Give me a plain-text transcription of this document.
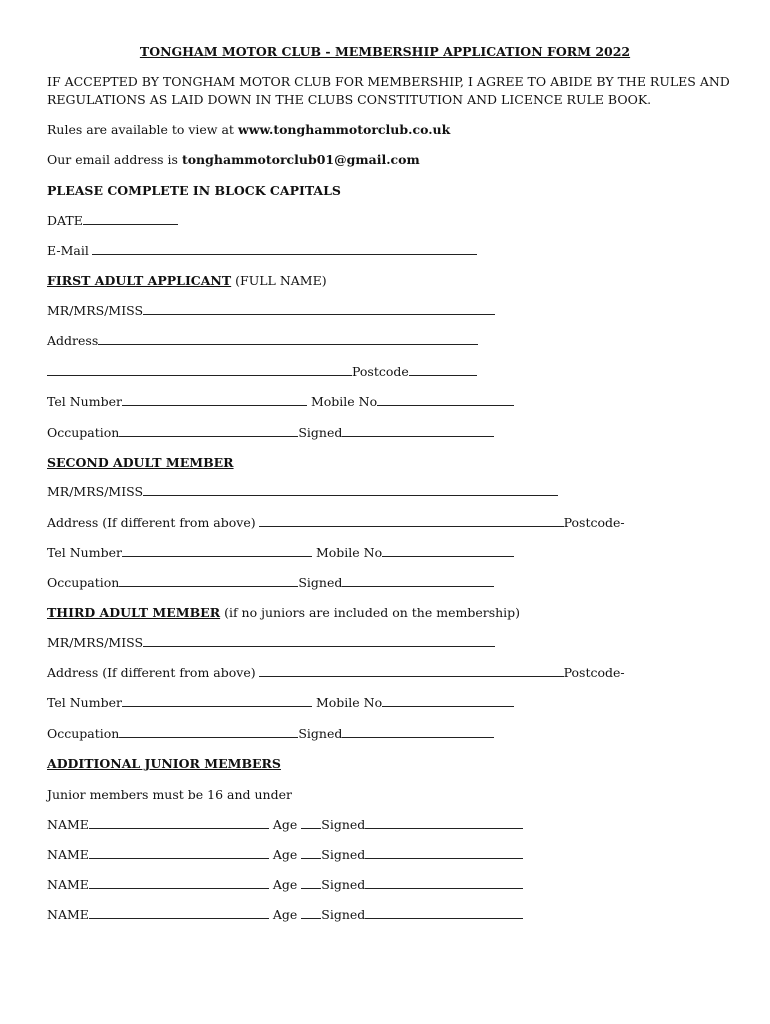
TONGHAM MOTOR CLUB - MEMBERSHIP APPLICATION FORM 2022
IF ACCEPTED BY TONGHAM MOTOR CLUB FOR MEMBERSHIP, I AGREE TO ABIDE BY THE RULES AND
REGULATIONS AS LAID DOWN IN THE CLUBS CONSTITUTION AND LICENCE RULE BOOK.
Rules are available to view at www.tonghammotorclub.co.uk
Our email address is tonghammotorclub01@gmail.com
PLEASE COMPLETE IN BLOCK CAPITALS
DATE
E-Mail
FIRST ADULT APPLICANT (FULL NAME)
MR/MRS/MISS
Address
Postcode
Tel Number	Mobile No
Occupation	Signed
SECOND ADULT MEMBER
MR/MRS/MISS
Address (If different from above)	Postcode-
Tel Number	Mobile No
Occupation	Signed
THIRD ADULT MEMBER (if no juniors are included on the membership)
MR/MRS/MISS
Address (If different from above)	Postcode-
Tel Number	Mobile No
Occupation	Signed
ADDITIONAL JUNIOR MEMBERS
Junior members must be 16 and under
NAME	Age Signed
NAME	Age Signed
NAME	Age Signed
NAME	Age Signed
